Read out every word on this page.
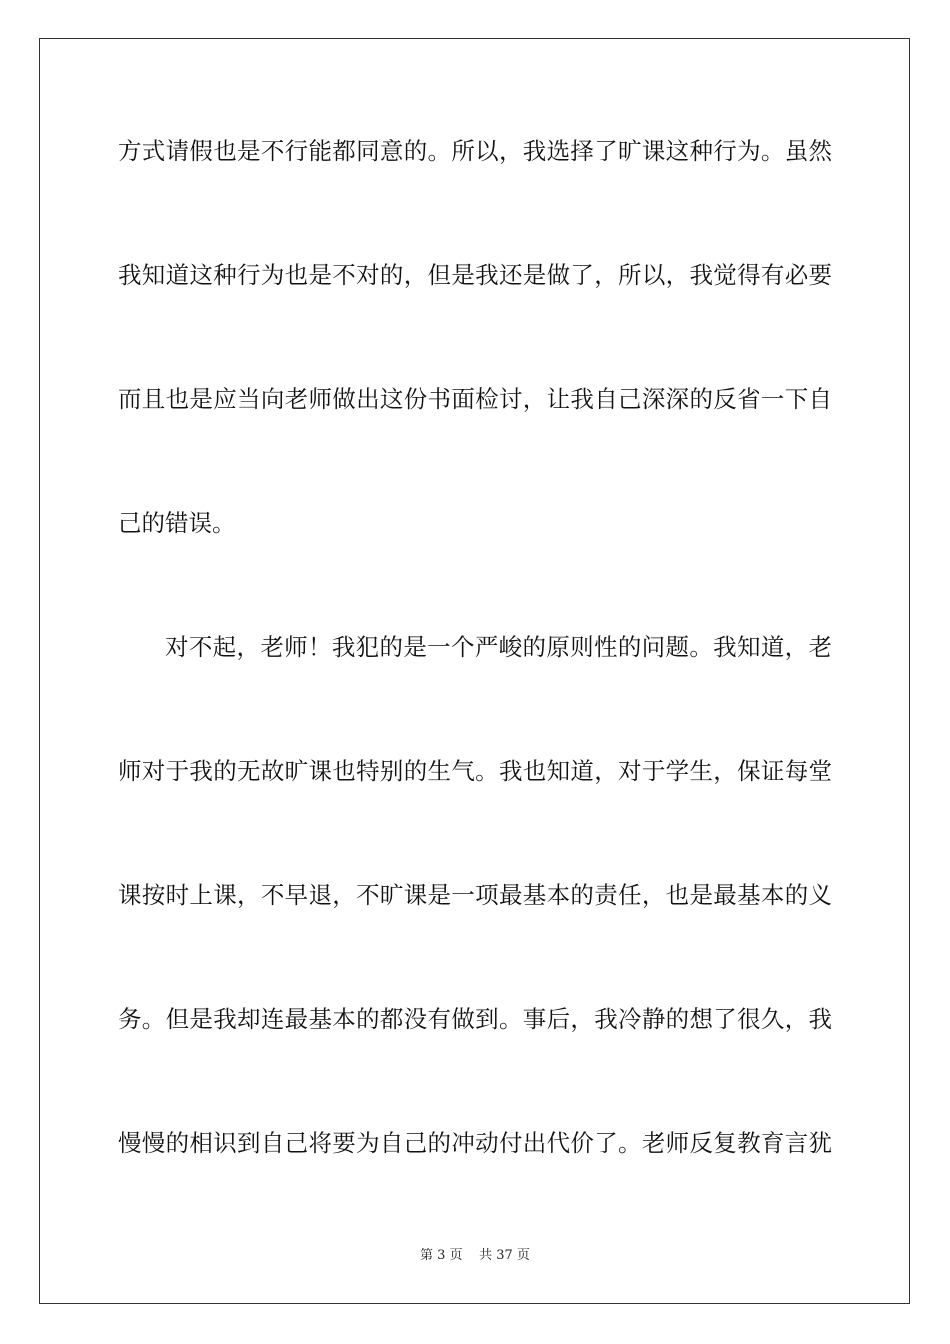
方式请假也是不行能都同意的。所以，我选择了旷课这种行为。虽然
我知道这种行为也是不对的，但是我还是做了，所以，我觉得有必要
而且也是应当向老师做出这份书面检讨，让我自己深深的反省一下自
己的错误。
对不起，老师！我犯的是一个严峻的原则性的问题。我知道，老
师对于我的无故旷课也特别的生气。我也知道，对于学生，保证每堂
课按时上课，不早退，不旷课是一项最基本的责任，也是最基本的义
务。但是我却连最基本的都没有做到。事后，我冷静的想了很久，我
慢慢的相识到自己将要为自己的冲动付出代价了。老师反复教育言犹
第 3 页 共 37 页
